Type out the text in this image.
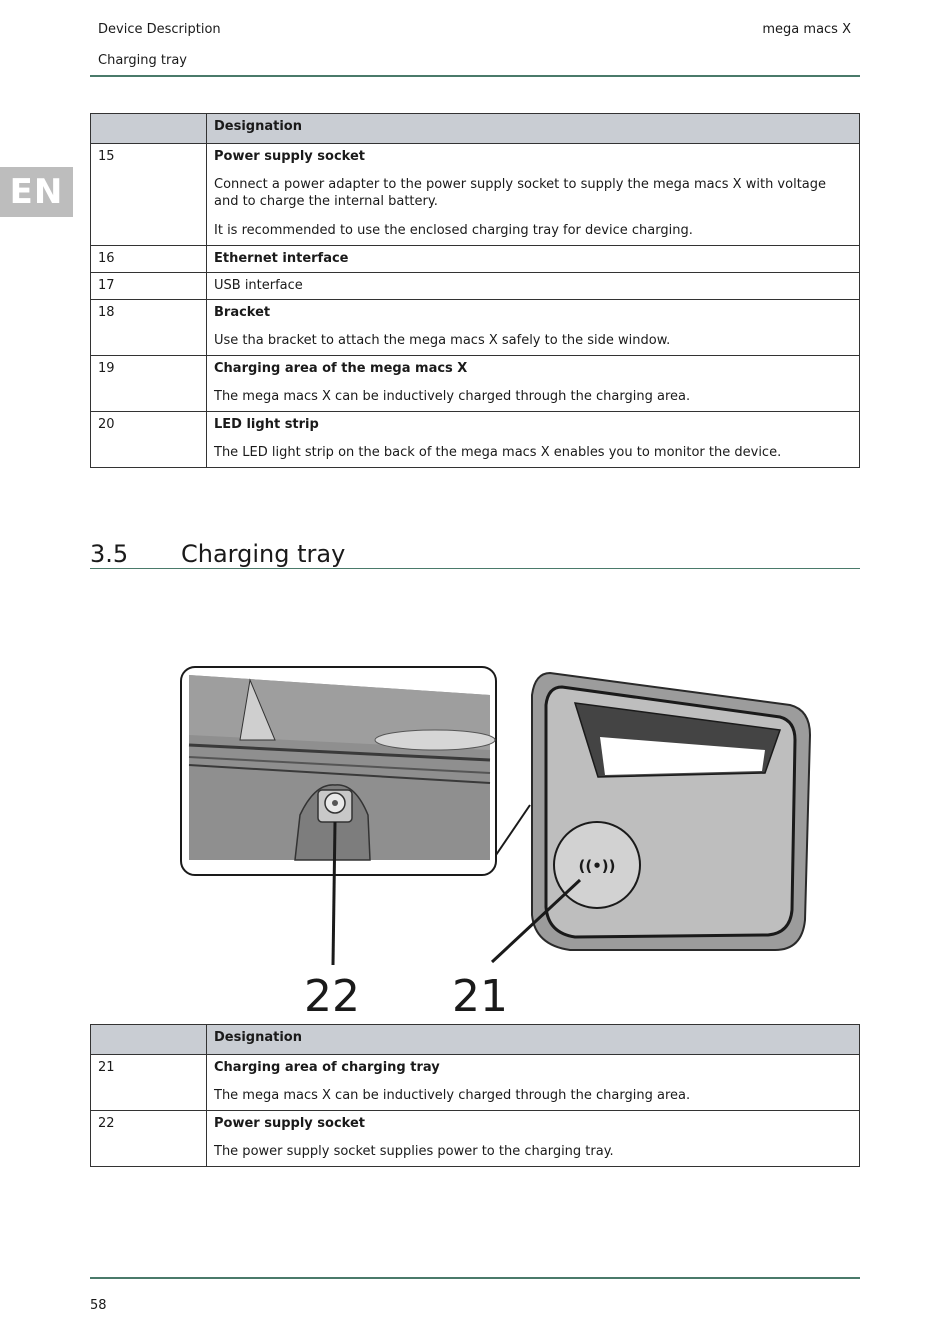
Device Description
Charging tray
mega macs X
EN
	Designation
15	Power supply socket
Connect a power adapter to the power supply socket to supply the mega macs X with voltage and to charge the internal battery.
It is recommended to use the enclosed charging tray for device charging.

16	Ethernet interface

17	USB interface
18	Bracket
Use tha bracket to attach the mega macs X safely to the side window.

19	Charging area of the mega macs X
The mega macs X can be inductively charged through the charging area.

20	LED light strip
The LED light strip on the back of the mega macs X enables you to monitor the device.
3.5 Charging tray
((•))
22 21
	Designation
21	Charging area of charging tray
The mega macs X can be inductively charged through the charging area.

22	Power supply socket
The power supply socket supplies power to the charging tray.
58
